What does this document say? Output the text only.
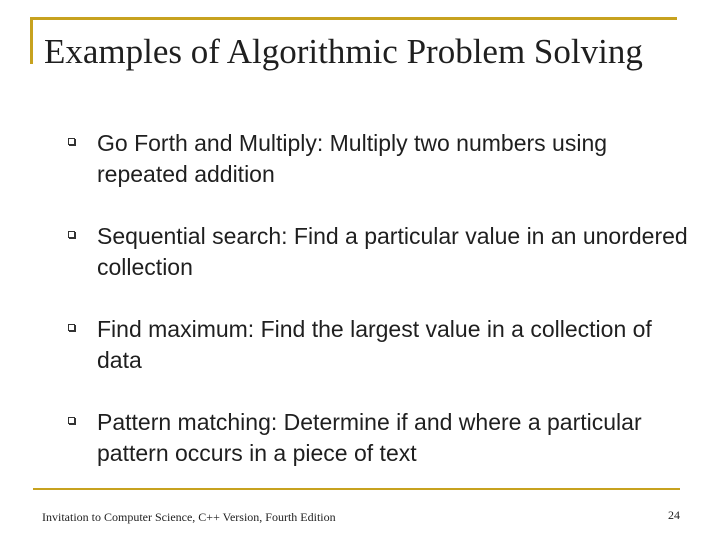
Examples of Algorithmic Problem Solving
Go Forth and Multiply: Multiply two numbers using repeated addition
Sequential search: Find a particular value in an unordered collection
Find maximum: Find the largest value in a collection of data
Pattern matching: Determine if and where a particular pattern occurs in a piece of text
Invitation to Computer Science, C++ Version, Fourth Edition	24
